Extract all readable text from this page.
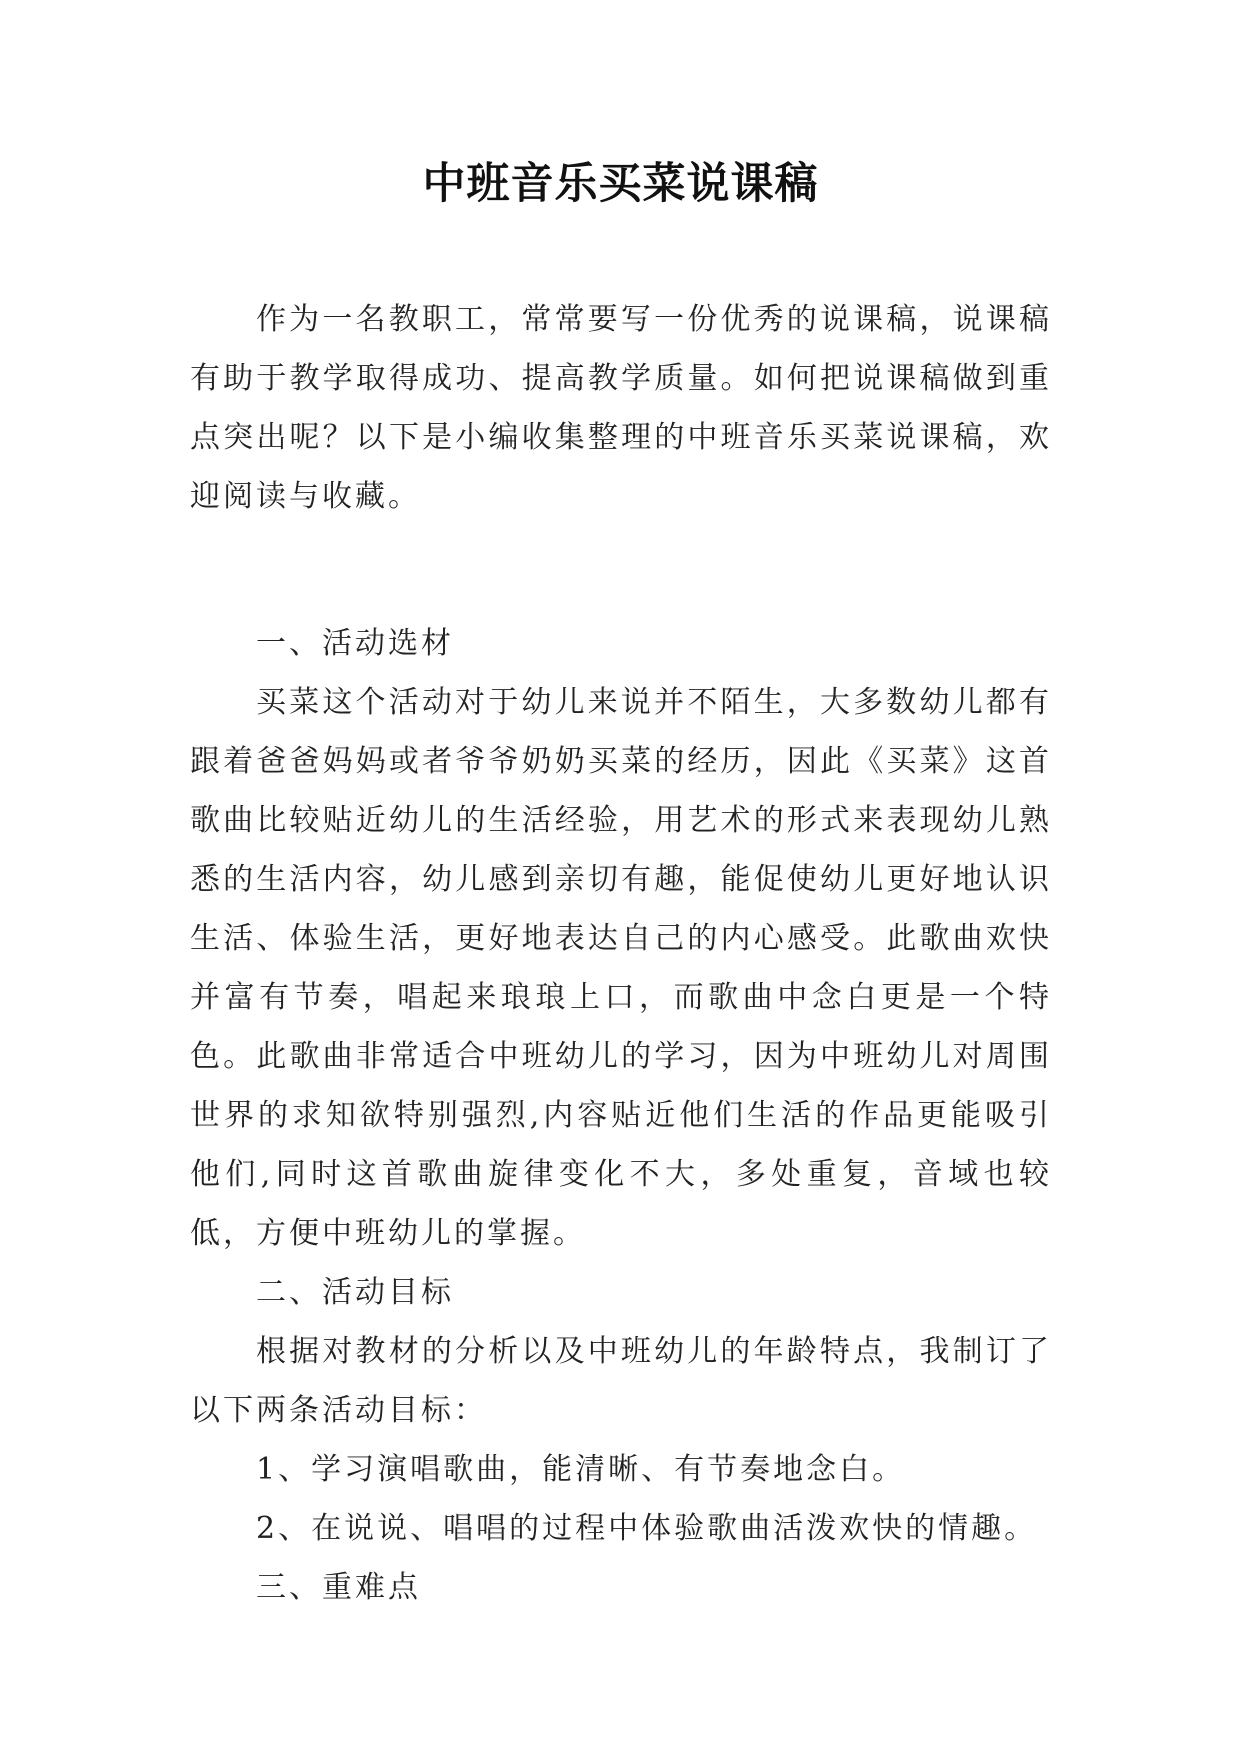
中班音乐买菜说课稿

作为一名教职工，常常要写一份优秀的说课稿，说课稿有助于教学取得成功、提高教学质量。如何把说课稿做到重点突出呢？以下是小编收集整理的中班音乐买菜说课稿，欢迎阅读与收藏。

一、活动选材

买菜这个活动对于幼儿来说并不陌生，大多数幼儿都有跟着爸爸妈妈或者爷爷奶奶买菜的经历，因此《买菜》这首歌曲比较贴近幼儿的生活经验，用艺术的形式来表现幼儿熟悉的生活内容，幼儿感到亲切有趣，能促使幼儿更好地认识生活、体验生活，更好地表达自己的内心感受。此歌曲欢快并富有节奏，唱起来琅琅上口，而歌曲中念白更是一个特色。此歌曲非常适合中班幼儿的学习，因为中班幼儿对周围世界的求知欲特别强烈,内容贴近他们生活的作品更能吸引他们,同时这首歌曲旋律变化不大，多处重复，音域也较低，方便中班幼儿的掌握。

二、活动目标

根据对教材的分析以及中班幼儿的年龄特点，我制订了以下两条活动目标：

1、学习演唱歌曲，能清晰、有节奏地念白。

2、在说说、唱唱的过程中体验歌曲活泼欢快的情趣。

三、重难点
